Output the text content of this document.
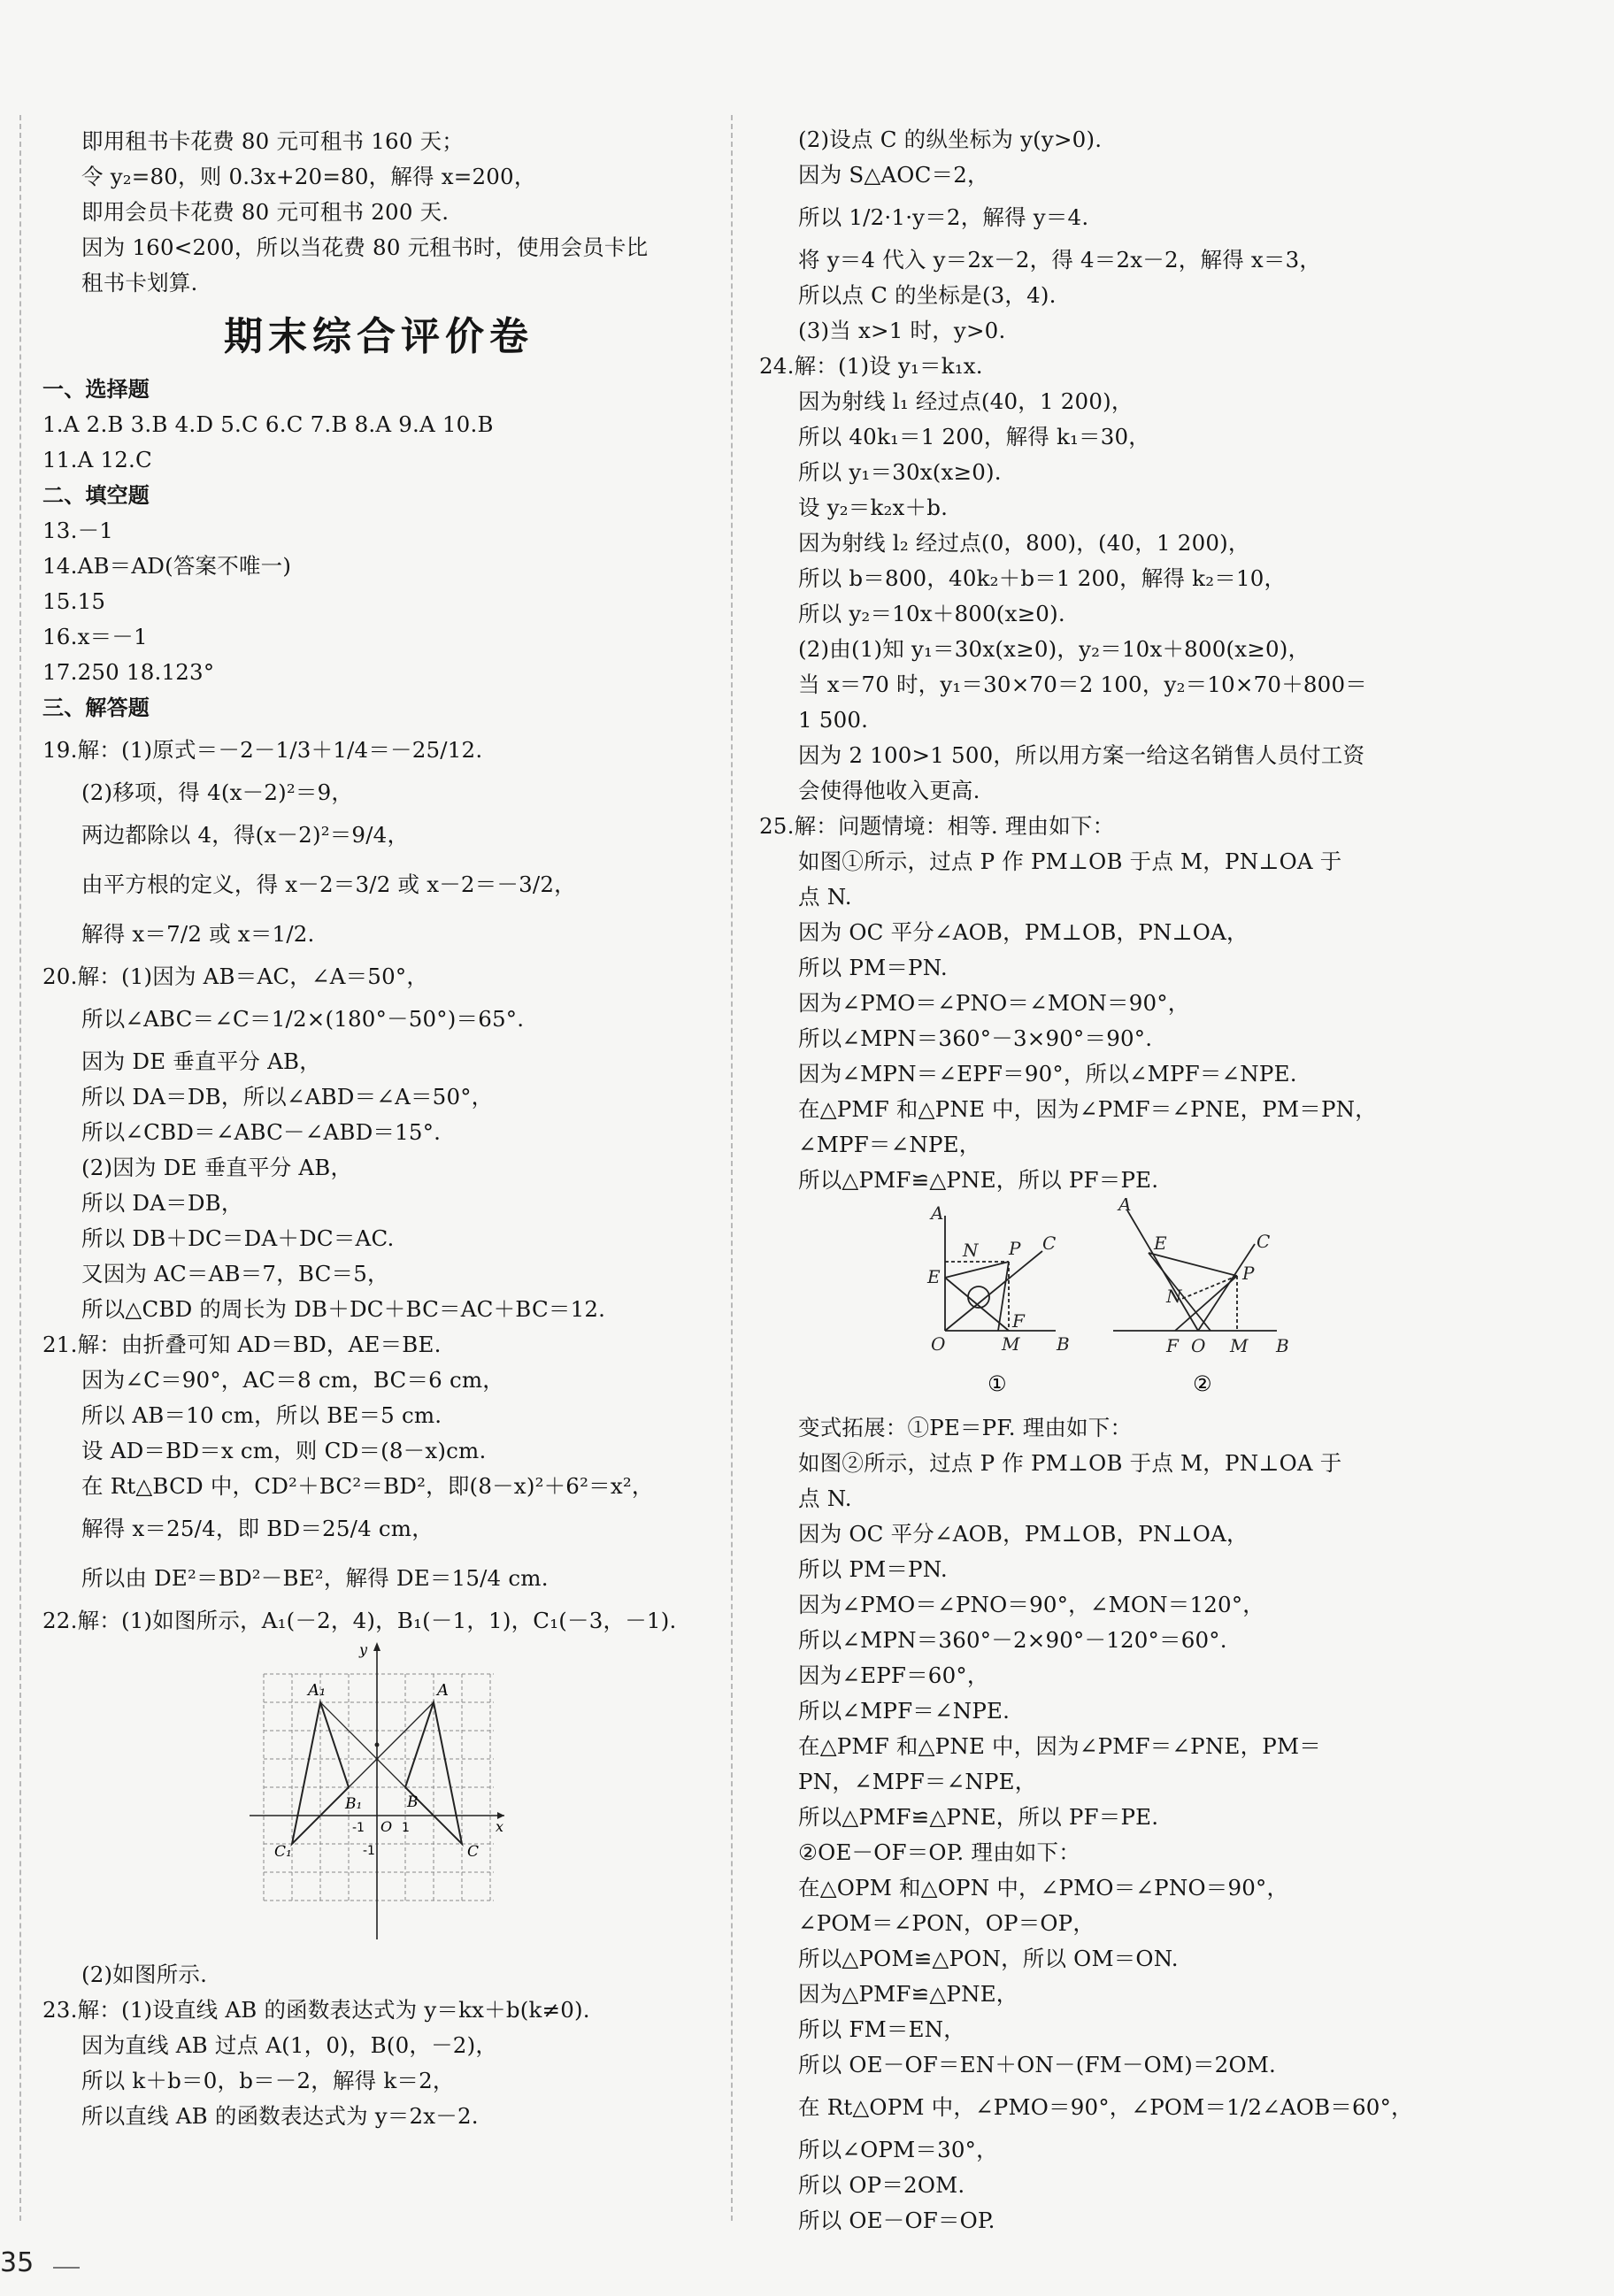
即用租书卡花费 80 元可租书 160 天；
令 y₂=80，则 0.3x+20=80，解得 x=200，
即用会员卡花费 80 元可租书 200 天.
因为 160<200，所以当花费 80 元租书时，使用会员卡比
租书卡划算.
期末综合评价卷
一、选择题
1.A 2.B 3.B 4.D 5.C 6.C 7.B 8.A 9.A 10.B
11.A 12.C
二、填空题
13.－1
14.AB＝AD(答案不唯一)
15.15
16.x＝－1
17.250 18.123°
三、解答题
19.解：(1)原式＝－2－1/3＋1/4＝－25/12.
(2)移项，得 4(x－2)²＝9，
两边都除以 4，得(x－2)²＝9/4，
由平方根的定义，得 x－2＝3/2 或 x－2＝－3/2，
解得 x＝7/2 或 x＝1/2.
20.解：(1)因为 AB＝AC，∠A＝50°，
所以∠ABC＝∠C＝1/2×(180°－50°)＝65°.
因为 DE 垂直平分 AB，
所以 DA＝DB，所以∠ABD＝∠A＝50°，
所以∠CBD＝∠ABC－∠ABD＝15°.
(2)因为 DE 垂直平分 AB，
所以 DA＝DB，
所以 DB＋DC＝DA＋DC＝AC.
又因为 AC＝AB＝7，BC＝5，
所以△CBD 的周长为 DB＋DC＋BC＝AC＋BC＝12.
21.解：由折叠可知 AD＝BD，AE＝BE.
因为∠C＝90°，AC＝8 cm，BC＝6 cm，
所以 AB＝10 cm，所以 BE＝5 cm.
设 AD＝BD＝x cm，则 CD＝(8－x)cm.
在 Rt△BCD 中，CD²＋BC²＝BD²，即(8－x)²＋6²＝x²，
解得 x＝25/4，即 BD＝25/4 cm，
所以由 DE²＝BD²－BE²，解得 DE＝15/4 cm.
22.解：(1)如图所示，A₁(－2，4)，B₁(－1，1)，C₁(－3，－1).
A₁	A
y
B₁	B
C₁	C
x
O
-1	1
-1
(2)如图所示.
23.解：(1)设直线 AB 的函数表达式为 y＝kx＋b(k≠0).
因为直线 AB 过点 A(1，0)，B(0，－2)，
所以 k＋b＝0，b＝－2，解得 k＝2，
所以直线 AB 的函数表达式为 y＝2x－2.
(2)设点 C 的纵坐标为 y(y>0).
因为 S△AOC＝2，
所以 1/2·1·y＝2，解得 y＝4.
将 y＝4 代入 y＝2x－2，得 4＝2x－2，解得 x＝3，
所以点 C 的坐标是(3，4).
(3)当 x>1 时，y>0.
24.解：(1)设 y₁＝k₁x.
因为射线 l₁ 经过点(40，1 200)，
所以 40k₁＝1 200，解得 k₁＝30，
所以 y₁＝30x(x≥0).
设 y₂＝k₂x＋b.
因为射线 l₂ 经过点(0，800)，(40，1 200)，
所以 b＝800，40k₂＋b＝1 200，解得 k₂＝10，
所以 y₂＝10x＋800(x≥0).
(2)由(1)知 y₁＝30x(x≥0)，y₂＝10x＋800(x≥0)，
当 x＝70 时，y₁＝30×70＝2 100，y₂＝10×70＋800＝
1 500.
因为 2 100>1 500，所以用方案一给这名销售人员付工资
会使得他收入更高.
25.解：问题情境：相等. 理由如下：
如图①所示，过点 P 作 PM⊥OB 于点 M，PN⊥OA 于
点 N.
因为 OC 平分∠AOB，PM⊥OB，PN⊥OA，
所以 PM＝PN.
因为∠PMO＝∠PNO＝∠MON＝90°，
所以∠MPN＝360°－3×90°＝90°.
因为∠MPN＝∠EPF＝90°，所以∠MPF＝∠NPE.
在△PMF 和△PNE 中，因为∠PMF＝∠PNE，PM＝PN，
∠MPF＝∠NPE，
所以△PMF≌△PNE，所以 PF＝PE.
A
N P C
E
O	M
F
B
A
E	C
N
P
F O M B
①	②
变式拓展：①PE＝PF. 理由如下：
如图②所示，过点 P 作 PM⊥OB 于点 M，PN⊥OA 于
点 N.
因为 OC 平分∠AOB，PM⊥OB，PN⊥OA，
所以 PM＝PN.
因为∠PMO＝∠PNO＝90°，∠MON＝120°，
所以∠MPN＝360°－2×90°－120°＝60°.
因为∠EPF＝60°，
所以∠MPF＝∠NPE.
在△PMF 和△PNE 中，因为∠PMF＝∠PNE，PM＝
PN，∠MPF＝∠NPE，
所以△PMF≌△PNE，所以 PF＝PE.
②OE－OF＝OP. 理由如下：
在△OPM 和△OPN 中，∠PMO＝∠PNO＝90°，
∠POM＝∠PON，OP＝OP，
所以△POM≌△PON，所以 OM＝ON.
因为△PMF≌△PNE，
所以 FM＝EN，
所以 OE－OF＝EN＋ON－(FM－OM)＝2OM.
在 Rt△OPM 中，∠PMO＝90°，∠POM＝1/2∠AOB＝60°，
所以∠OPM＝30°，
所以 OP＝2OM.
所以 OE－OF＝OP.
35
